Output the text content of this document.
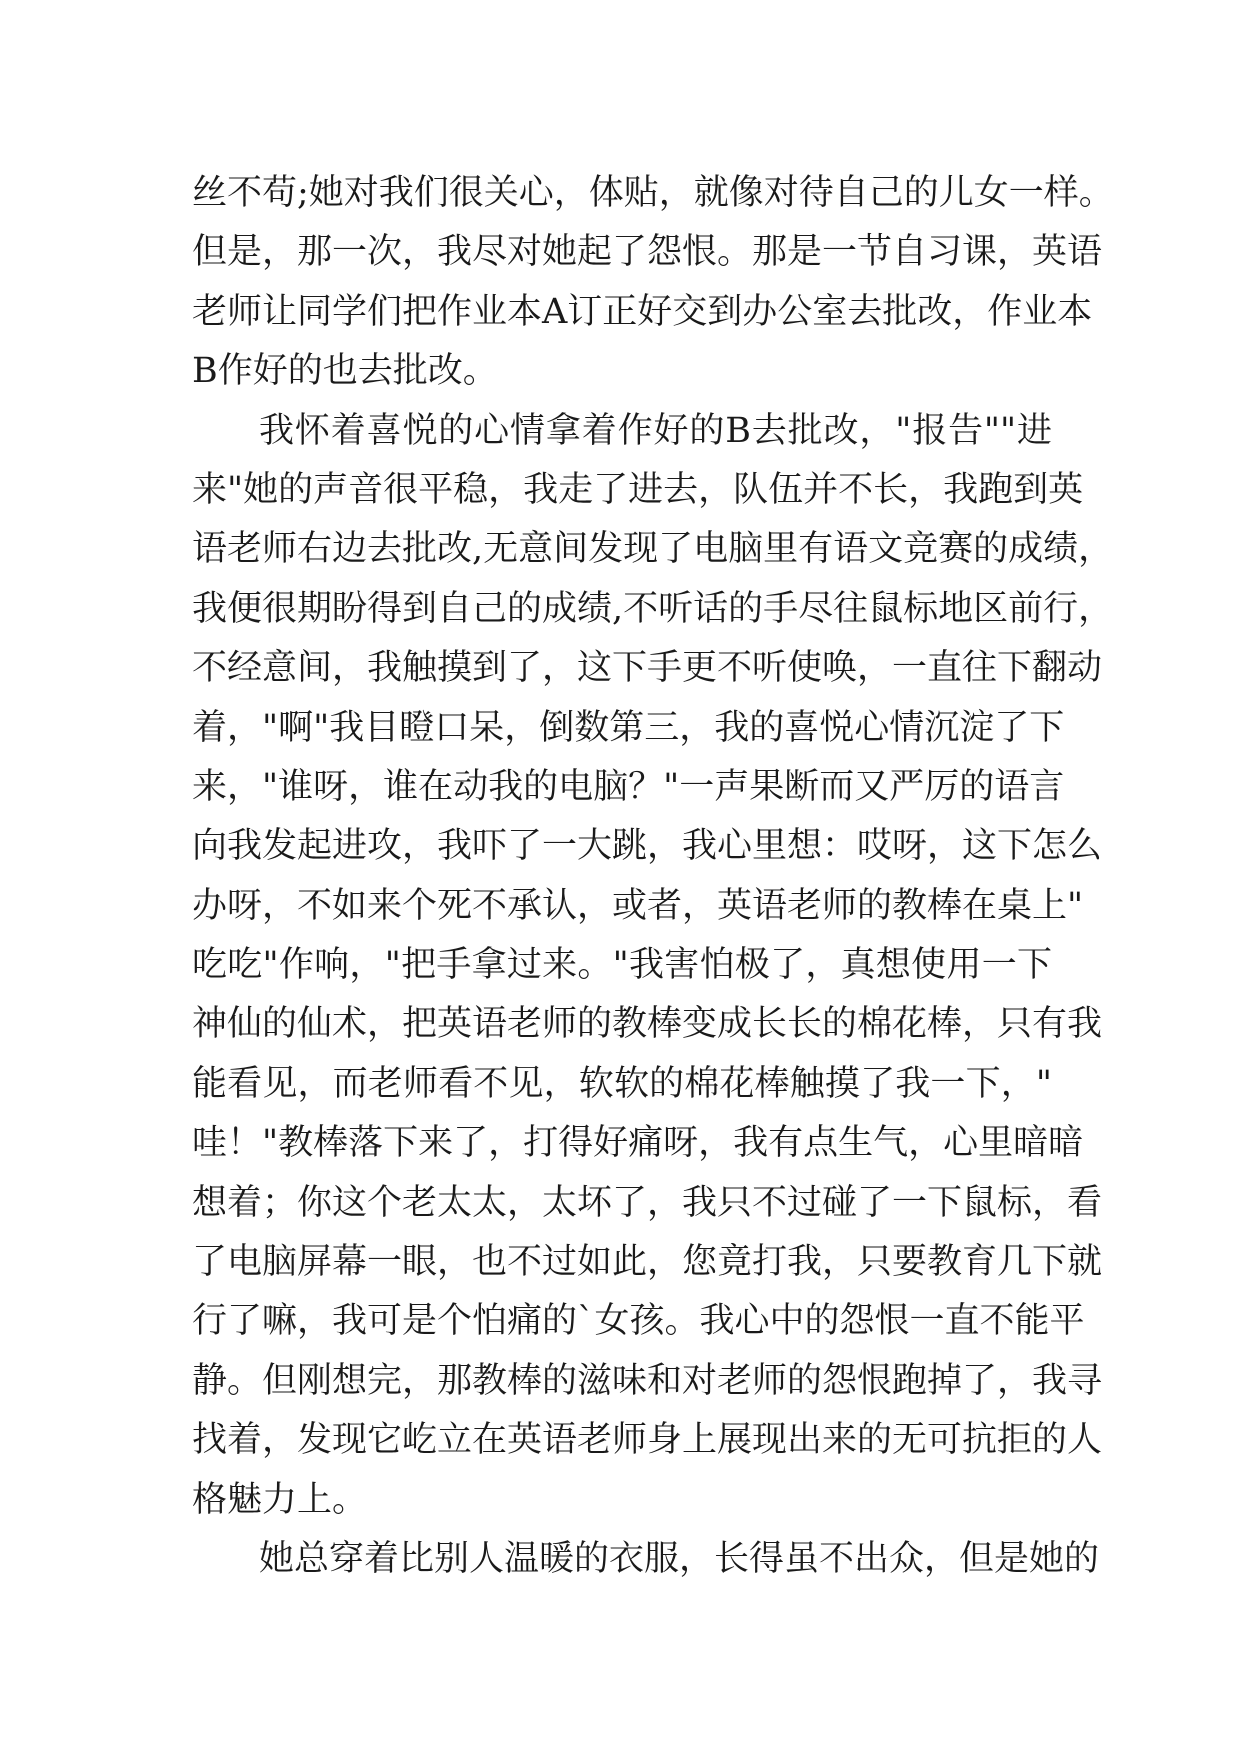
丝不苟;她对我们很关心，体贴，就像对待自己的儿女一样。
但是，那一次，我尽对她起了怨恨。那是一节自习课，英语
老师让同学们把作业本A订正好交到办公室去批改，作业本
B作好的也去批改。
我怀着喜悦的心情拿着作好的B去批改，"报告""进
来"她的声音很平稳，我走了进去，队伍并不长，我跑到英
语老师右边去批改,无意间发现了电脑里有语文竞赛的成绩，
我便很期盼得到自己的成绩,不听话的手尽往鼠标地区前行，
不经意间，我触摸到了，这下手更不听使唤，一直往下翻动
着，"啊"我目瞪口呆，倒数第三，我的喜悦心情沉淀了下
来，"谁呀，谁在动我的电脑？"一声果断而又严厉的语言
向我发起进攻，我吓了一大跳，我心里想：哎呀，这下怎么
办呀，不如来个死不承认，或者，英语老师的教棒在桌上"
吃吃"作响，"把手拿过来。"我害怕极了，真想使用一下
神仙的仙术，把英语老师的教棒变成长长的棉花棒，只有我
能看见，而老师看不见，软软的棉花棒触摸了我一下，"
哇！"教棒落下来了，打得好痛呀，我有点生气，心里暗暗
想着；你这个老太太，太坏了，我只不过碰了一下鼠标，看
了电脑屏幕一眼，也不过如此，您竟打我，只要教育几下就
行了嘛，我可是个怕痛的`女孩。我心中的怨恨一直不能平
静。但刚想完，那教棒的滋味和对老师的怨恨跑掉了，我寻
找着，发现它屹立在英语老师身上展现出来的无可抗拒的人
格魅力上。
她总穿着比别人温暖的衣服，长得虽不出众，但是她的
